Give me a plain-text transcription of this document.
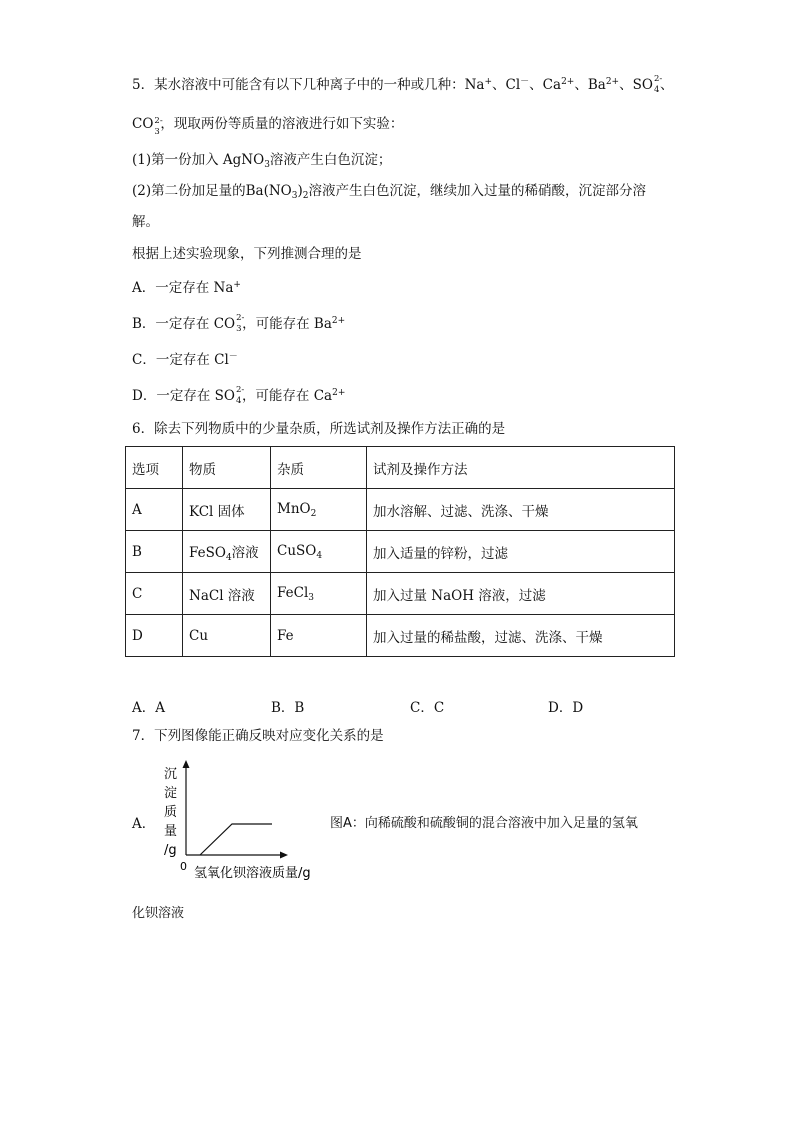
5．某水溶液中可能含有以下几种离子中的一种或几种：Na+、Cl－、$Ca^{2+}$、$Ba^{2+}$、SO 2-
4 、
CO 2-
3 ，现取两份等质量的溶液进行如下实验：
(1)第一份加入 AgNO$_3$溶液产生白色沉淀；
(2)第二份加足量的$Ba(NO_3)_2$溶液产生白色沉淀，继续加入过量的稀硝酸，沉淀部分溶
解。
根据上述实验现象，下列推测合理的是
A．一定存在 Na+
B．一定存在 CO 2-
3 ，可能存在 $Ba^{2+}$
C．一定存在 Cl－
D．一定存在 SO 2-
4 ，可能存在 $Ca^{2+}$
6．除去下列物质中的少量杂质，所选试剂及操作方法正确的是
选项	物质	杂质	试剂及操作方法
A	KCl 固体	MnO$_2$	加水溶解、过滤、洗涤、干燥
B	FeSO$_4$溶液	CuSO$_4$	加入适量的锌粉，过滤
C	NaCl 溶液	FeCl$_3$	加入过量 NaOH 溶液，过滤
D	Cu	Fe	加入过量的稀盐酸，过滤、洗涤、干燥
A．A	B．B	C．C	D．D
7．下列图像能正确反映对应变化关系的是
A．
沉
淀
质
量
/g
0 氢氧化钡溶液质量/g
图A：向稀硫酸和硫酸铜的混合溶液中加入足量的氢氧
化钡溶液
